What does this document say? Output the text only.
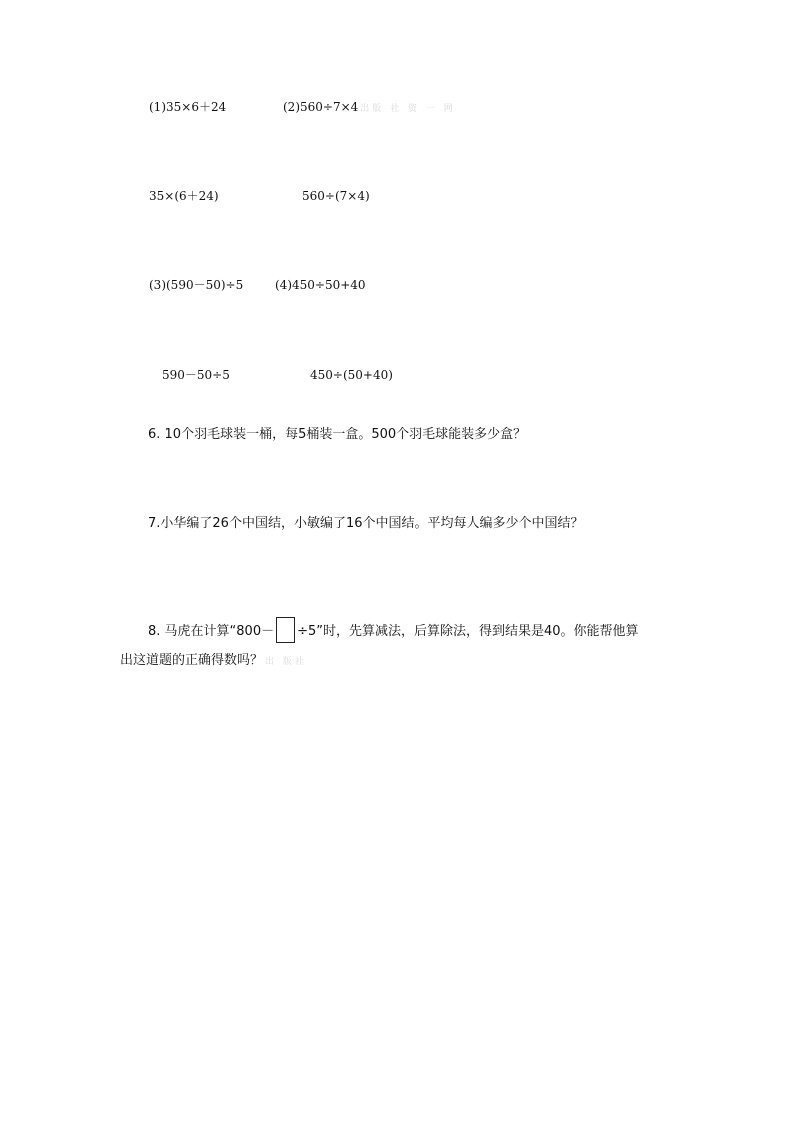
(1)35×6＋24	(2)560÷7×4 出版 社 资 一 网
35×(6＋24)	560÷(7×4)
(3)(590－50)÷5	(4)450÷50+40
590－50÷5	450÷(50+40)
6. 10个羽毛球装一桶，每5桶装一盒。500个羽毛球能装多少盒？
7.小华编了26个中国结，小敏编了16个中国结。平均每人编多少个中国结？
8. 马虎在计算“800－ ÷5”时，先算减法，后算除法，得到结果是40。你能帮他算
出这道题的正确得数吗？ 出 版社
